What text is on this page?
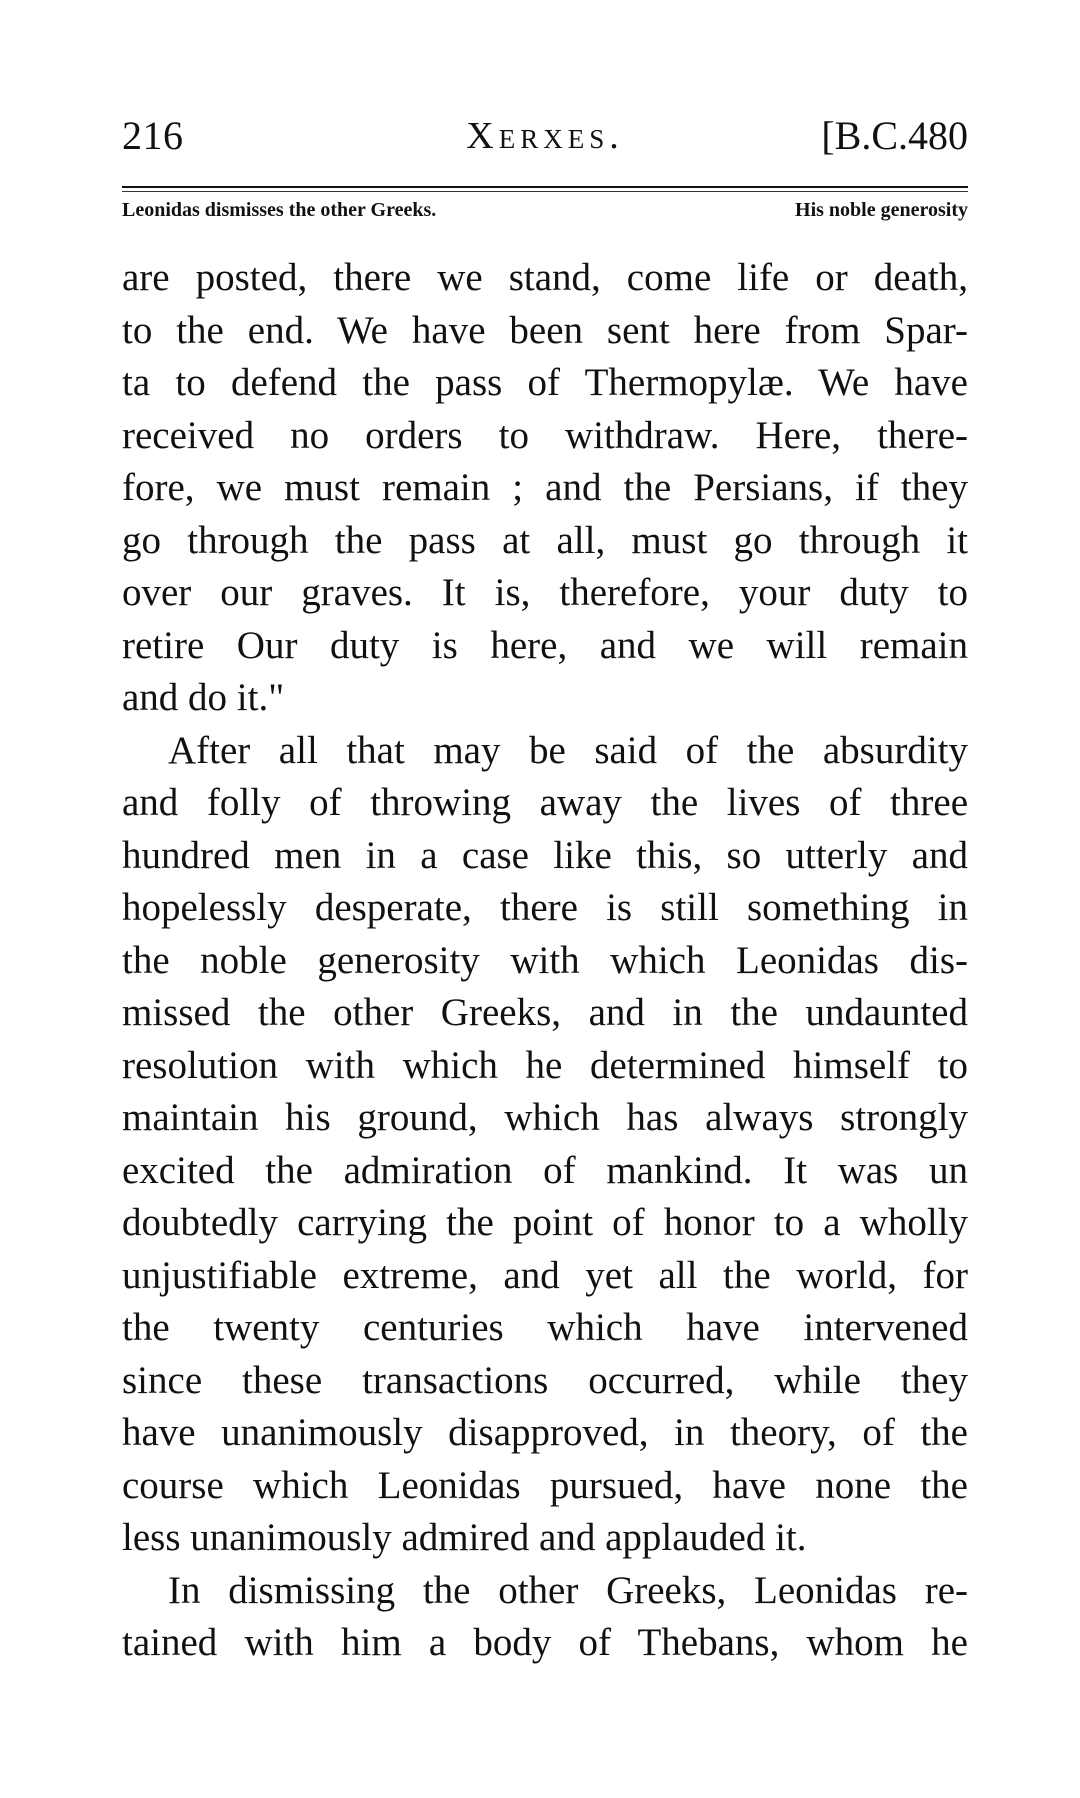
216	Xerxes.	[B.C.480
Leonidas dismisses the other Greeks.	His noble generosity
are posted, there we stand, come life or death,
to the end. We have been sent here from Spar-
ta to defend the pass of Thermopylæ. We have
received no orders to withdraw. Here, there-
fore, we must remain ; and the Persians, if they
go through the pass at all, must go through it
over our graves. It is, therefore, your duty to
retire Our duty is here, and we will remain
and do it."
After all that may be said of the absurdity
and folly of throwing away the lives of three
hundred men in a case like this, so utterly and
hopelessly desperate, there is still something in
the noble generosity with which Leonidas dis-
missed the other Greeks, and in the undaunted
resolution with which he determined himself to
maintain his ground, which has always strongly
excited the admiration of mankind. It was un
doubtedly carrying the point of honor to a wholly
unjustifiable extreme, and yet all the world, for
the twenty centuries which have intervened
since these transactions occurred, while they
have unanimously disapproved, in theory, of the
course which Leonidas pursued, have none the
less unanimously admired and applauded it.
In dismissing the other Greeks, Leonidas re-
tained with him a body of Thebans, whom he
